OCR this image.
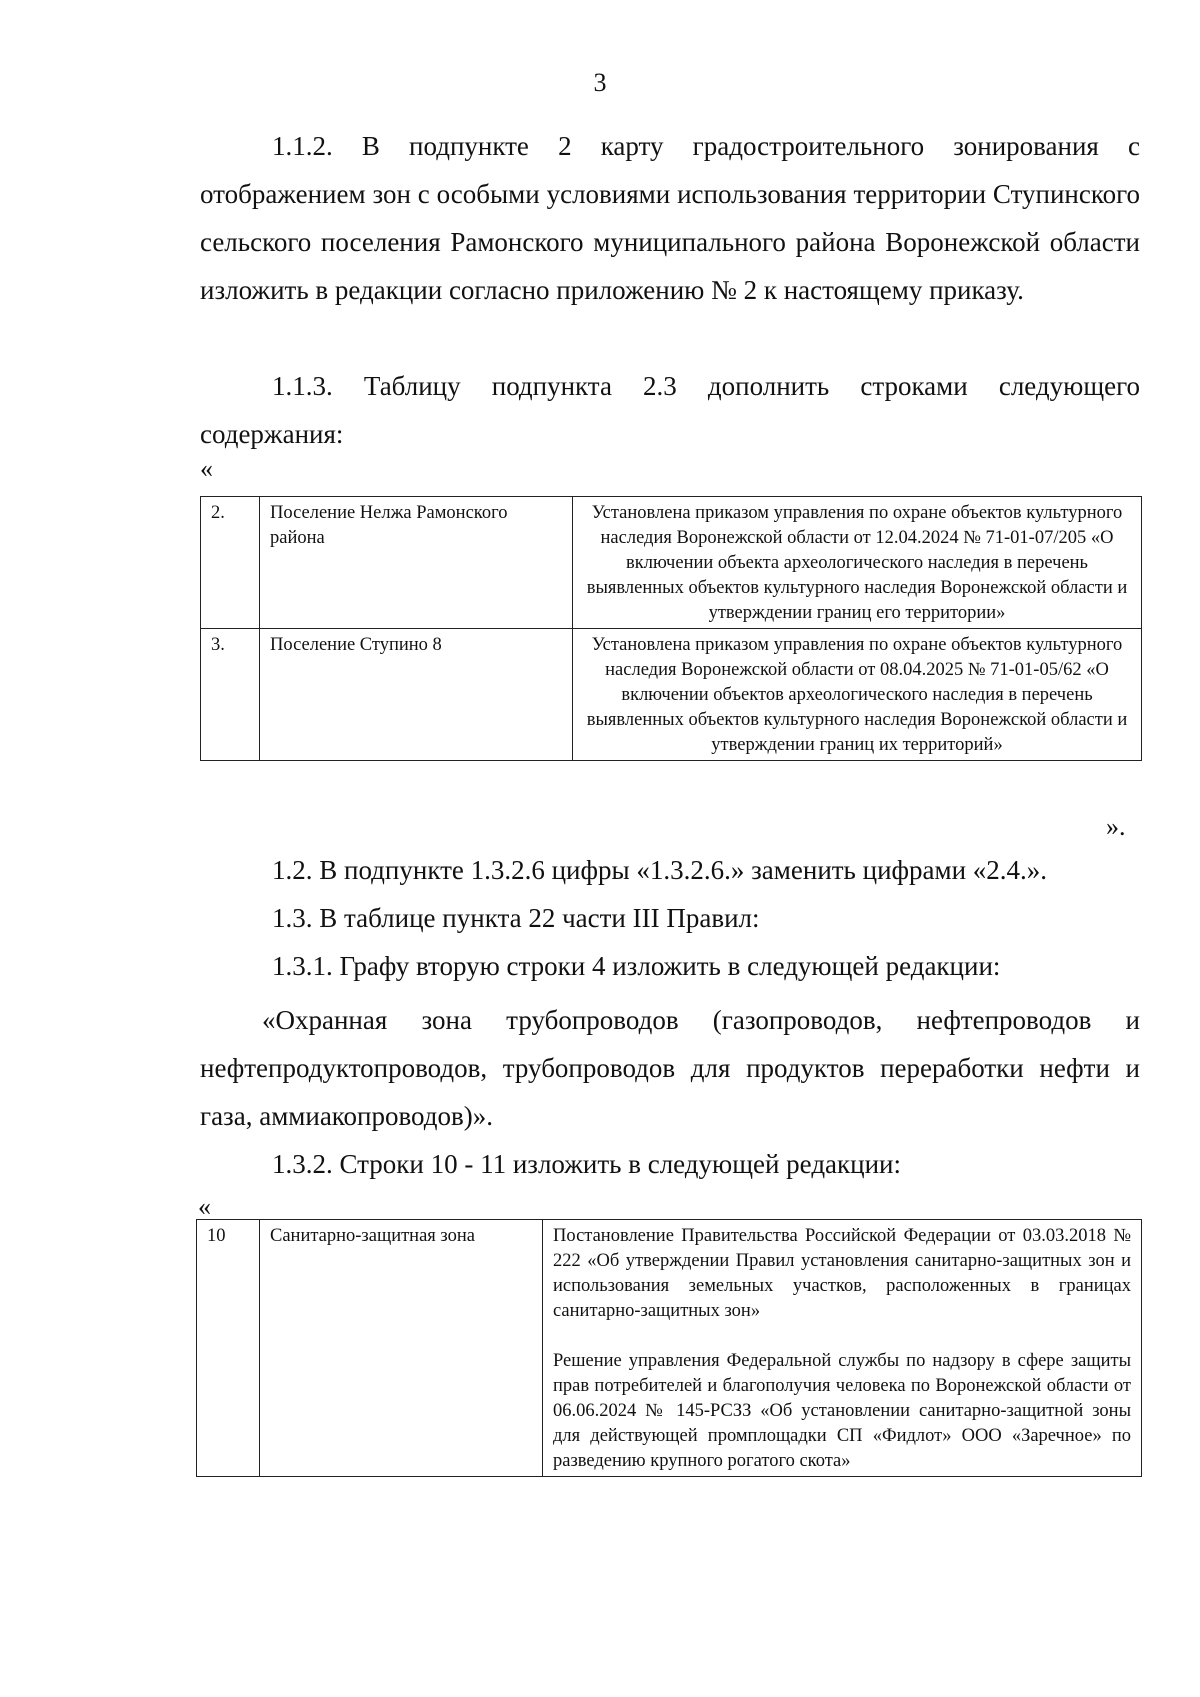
3

1.1.2. В подпункте 2 карту градостроительного зонирования с отображением зон с особыми условиями использования территории Ступинского сельского поселения Рамонского муниципального района Воронежской области изложить в редакции согласно приложению № 2 к настоящему приказу.

1.1.3. Таблицу подпункта 2.3 дополнить строками следующего содержания:

«
2.	Поселение Нелжа Рамонского района	Установлена приказом управления по охране объектов культурного наследия Воронежской области от 12.04.2024 № 71-01-07/205 «О включении объекта археологического наследия в перечень выявленных объектов культурного наследия Воронежской области и утверждении границ его территории»
3.	Поселение Ступино 8	Установлена приказом управления по охране объектов культурного наследия Воронежской области от 08.04.2025 № 71-01-05/62 «О включении объектов археологического наследия в перечень выявленных объектов культурного наследия Воронежской области и утверждении границ их территорий»
».

1.2. В подпункте 1.3.2.6 цифры «1.3.2.6.» заменить цифрами «2.4.».

1.3. В таблице пункта 22 части III Правил:

1.3.1. Графу вторую строки 4 изложить в следующей редакции:

«Охранная зона трубопроводов (газопроводов, нефтепроводов и нефтепродуктопроводов, трубопроводов для продуктов переработки нефти и газа, аммиакопроводов)».

1.3.2. Строки 10 - 11 изложить в следующей редакции:

«
10	Санитарно-защитная зона	Постановление Правительства Российской Федерации от 03.03.2018 № 222 «Об утверждении Правил установления санитарно-защитных зон и использования земельных участков, расположенных в границах санитарно-защитных зон»

Решение управления Федеральной службы по надзору в сфере защиты прав потребителей и благополучия человека по Воронежской области от 06.06.2024 № 145-РСЗЗ «Об установлении санитарно-защитной зоны для действующей промплощадки СП «Фидлот» ООО «Заречное» по разведению крупного рогатого скота»
